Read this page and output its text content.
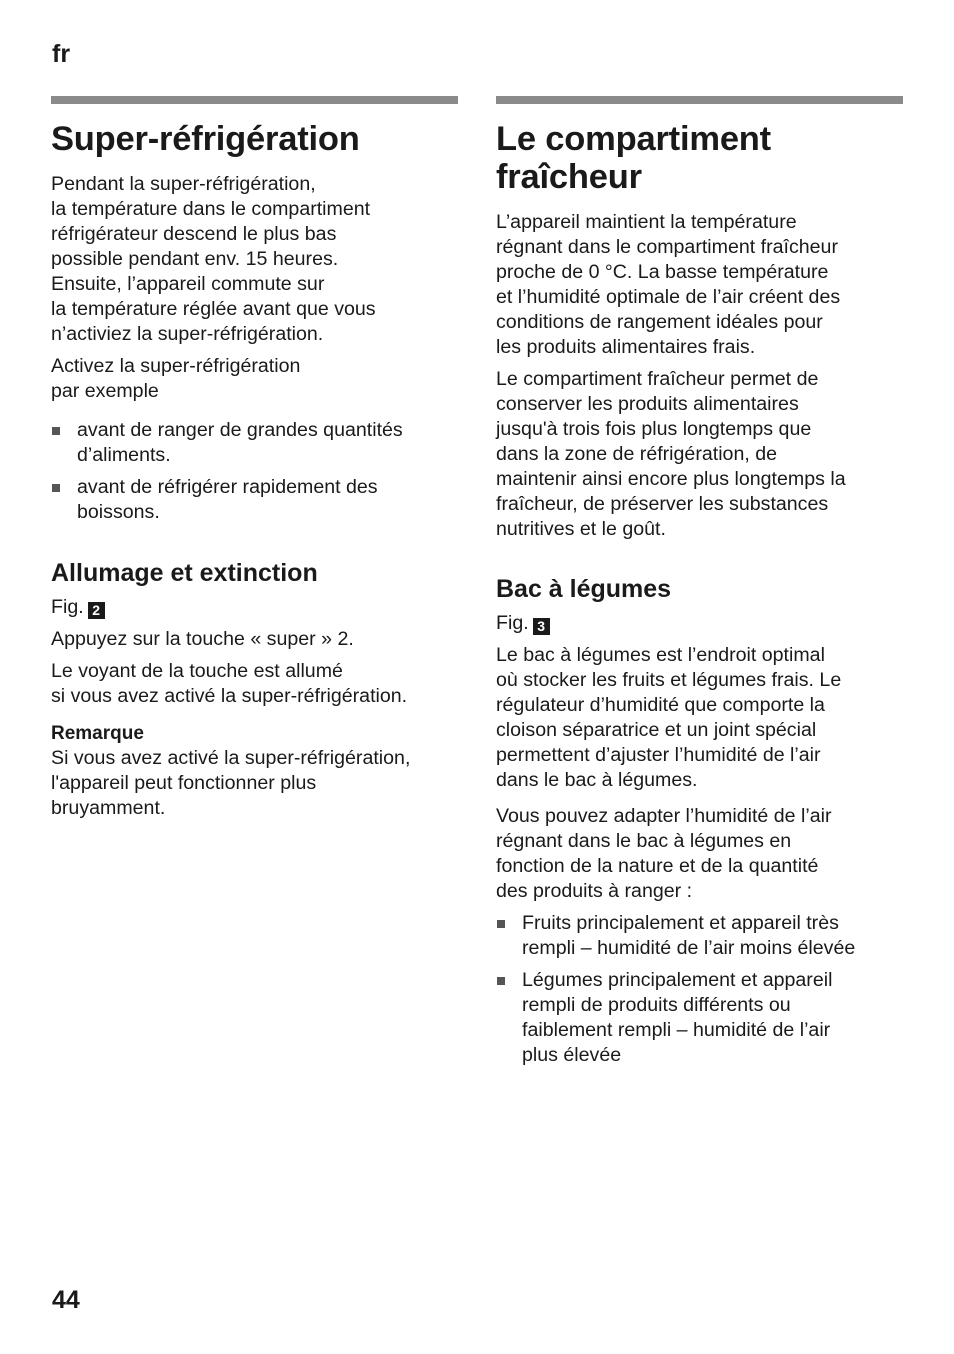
fr
Super-réfrigération

Pendant la super-réfrigération,
la température dans le compartiment
réfrigérateur descend le plus bas
possible pendant env. 15 heures.
Ensuite, l’appareil commute sur
la température réglée avant que vous
n’activiez la super-réfrigération.

Activez la super-réfrigération
par exemple

avant de ranger de grandes quantités
d’aliments.
avant de réfrigérer rapidement des
boissons.
Allumage et extinction

Fig. 2

Appuyez sur la touche « super » 2.

Le voyant de la touche est allumé
si vous avez activé la super-réfrigération.

Remarque

Si vous avez activé la super-réfrigération,
l'appareil peut fonctionner plus
bruyamment.

Le compartiment
fraîcheur

L’appareil maintient la température
régnant dans le compartiment fraîcheur
proche de 0 °C. La basse température
et l’humidité optimale de l’air créent des
conditions de rangement idéales pour
les produits alimentaires frais.

Le compartiment fraîcheur permet de
conserver les produits alimentaires
jusqu'à trois fois plus longtemps que
dans la zone de réfrigération, de
maintenir ainsi encore plus longtemps la
fraîcheur, de préserver les substances
nutritives et le goût.

Bac à légumes

Fig. 3

Le bac à légumes est l’endroit optimal
où stocker les fruits et légumes frais. Le
régulateur d’humidité que comporte la
cloison séparatrice et un joint spécial
permettent d’ajuster l’humidité de l’air
dans le bac à légumes.

Vous pouvez adapter l’humidité de l’air
régnant dans le bac à légumes en
fonction de la nature et de la quantité
des produits à ranger :

Fruits principalement et appareil très
rempli – humidité de l’air moins élevée
Légumes principalement et appareil
rempli de produits différents ou
faiblement rempli – humidité de l’air
plus élevée
44
